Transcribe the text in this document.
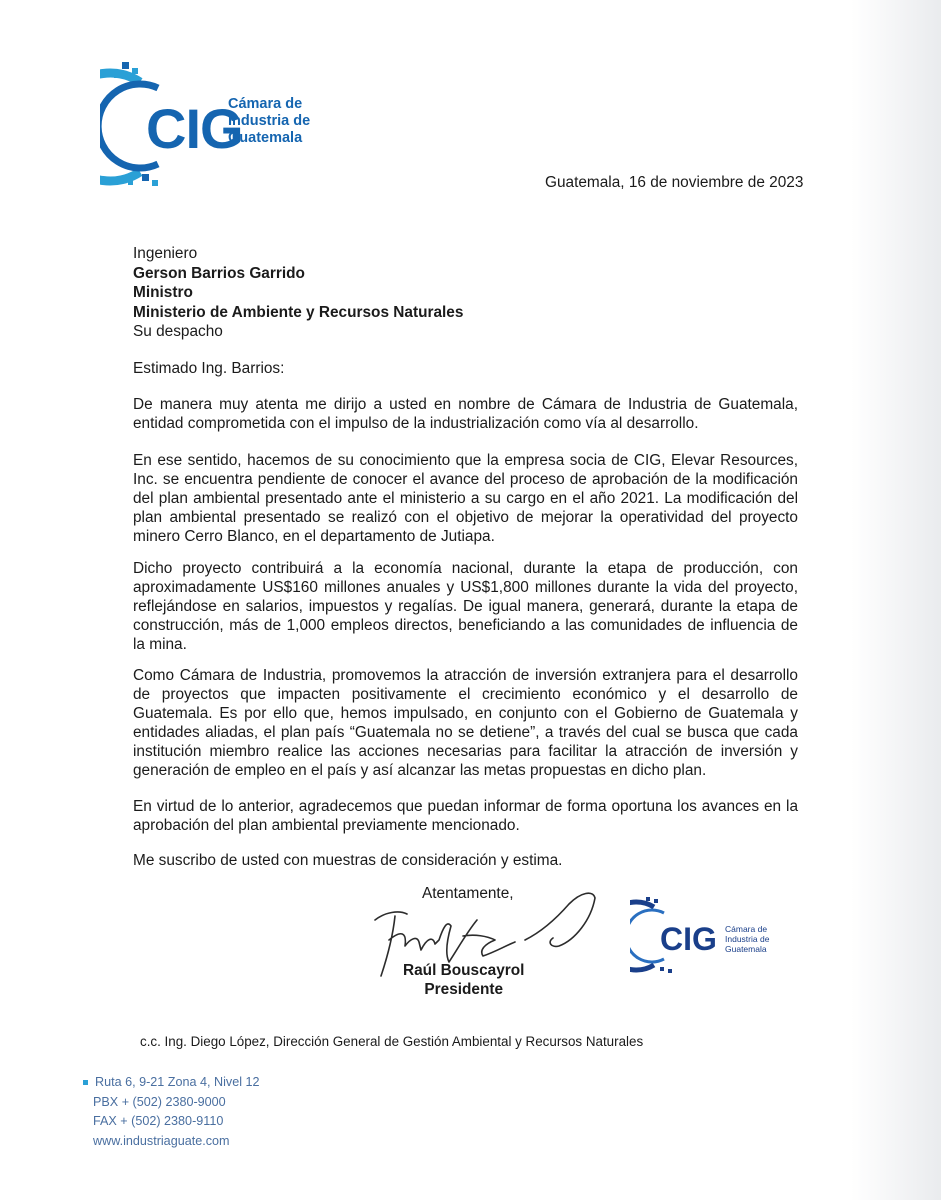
CIG
Cámara de
Industria de
Guatemala
Guatemala, 16 de noviembre de 2023
Ingeniero
Gerson Barrios Garrido
Ministro
Ministerio de Ambiente y Recursos Naturales
Su despacho
Estimado Ing. Barrios:
De manera muy atenta me dirijo a usted en nombre de Cámara de Industria de Guatemala, entidad comprometida con el impulso de la industrialización como vía al desarrollo.
En ese sentido, hacemos de su conocimiento que la empresa socia de CIG, Elevar Resources, Inc. se encuentra pendiente de conocer el avance del proceso de aprobación de la modificación del plan ambiental presentado ante el ministerio a su cargo en el año 2021. La modificación del plan ambiental presentado se realizó con el objetivo de mejorar la operatividad del proyecto minero Cerro Blanco, en el departamento de Jutiapa.
Dicho proyecto contribuirá a la economía nacional, durante la etapa de producción, con aproximadamente US$160 millones anuales y US$1,800 millones durante la vida del proyecto, reflejándose en salarios, impuestos y regalías. De igual manera, generará, durante la etapa de construcción, más de 1,000 empleos directos, beneficiando a las comunidades de influencia de la mina.
Como Cámara de Industria, promovemos la atracción de inversión extranjera para el desarrollo de proyectos que impacten positivamente el crecimiento económico y el desarrollo de Guatemala. Es por ello que, hemos impulsado, en conjunto con el Gobierno de Guatemala y entidades aliadas, el plan país “Guatemala no se detiene”, a través del cual se busca que cada institución miembro realice las acciones necesarias para facilitar la atracción de inversión y generación de empleo en el país y así alcanzar las metas propuestas en dicho plan.
En virtud de lo anterior, agradecemos que puedan informar de forma oportuna los avances en la aprobación del plan ambiental previamente mencionado.
Me suscribo de usted con muestras de consideración y estima.
Atentamente,
Raúl Bouscayrol
Presidente
CIG Cámara de
Industria de
Guatemala
c.c. Ing. Diego López, Dirección General de Gestión Ambiental y Recursos Naturales
Ruta 6, 9-21 Zona 4, Nivel 12
PBX + (502) 2380-9000
FAX + (502) 2380-9110
www.industriaguate.com
